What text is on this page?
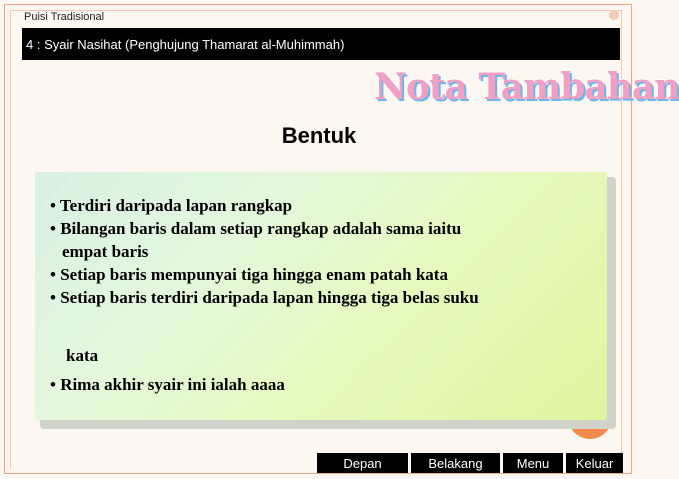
Puisi Tradisional
4 : Syair Nasihat (Penghujung Thamarat al-Muhimmah)
Nota Tambahan
Bentuk
• Terdiri daripada lapan rangkap
• Bilangan baris dalam setiap rangkap adalah sama iaitu
empat baris
• Setiap baris mempunyai tiga hingga enam patah kata
• Setiap baris terdiri daripada lapan hingga tiga belas suku
kata
• Rima akhir syair ini ialah aaaa
Depan	Belakang	Menu	Keluar
